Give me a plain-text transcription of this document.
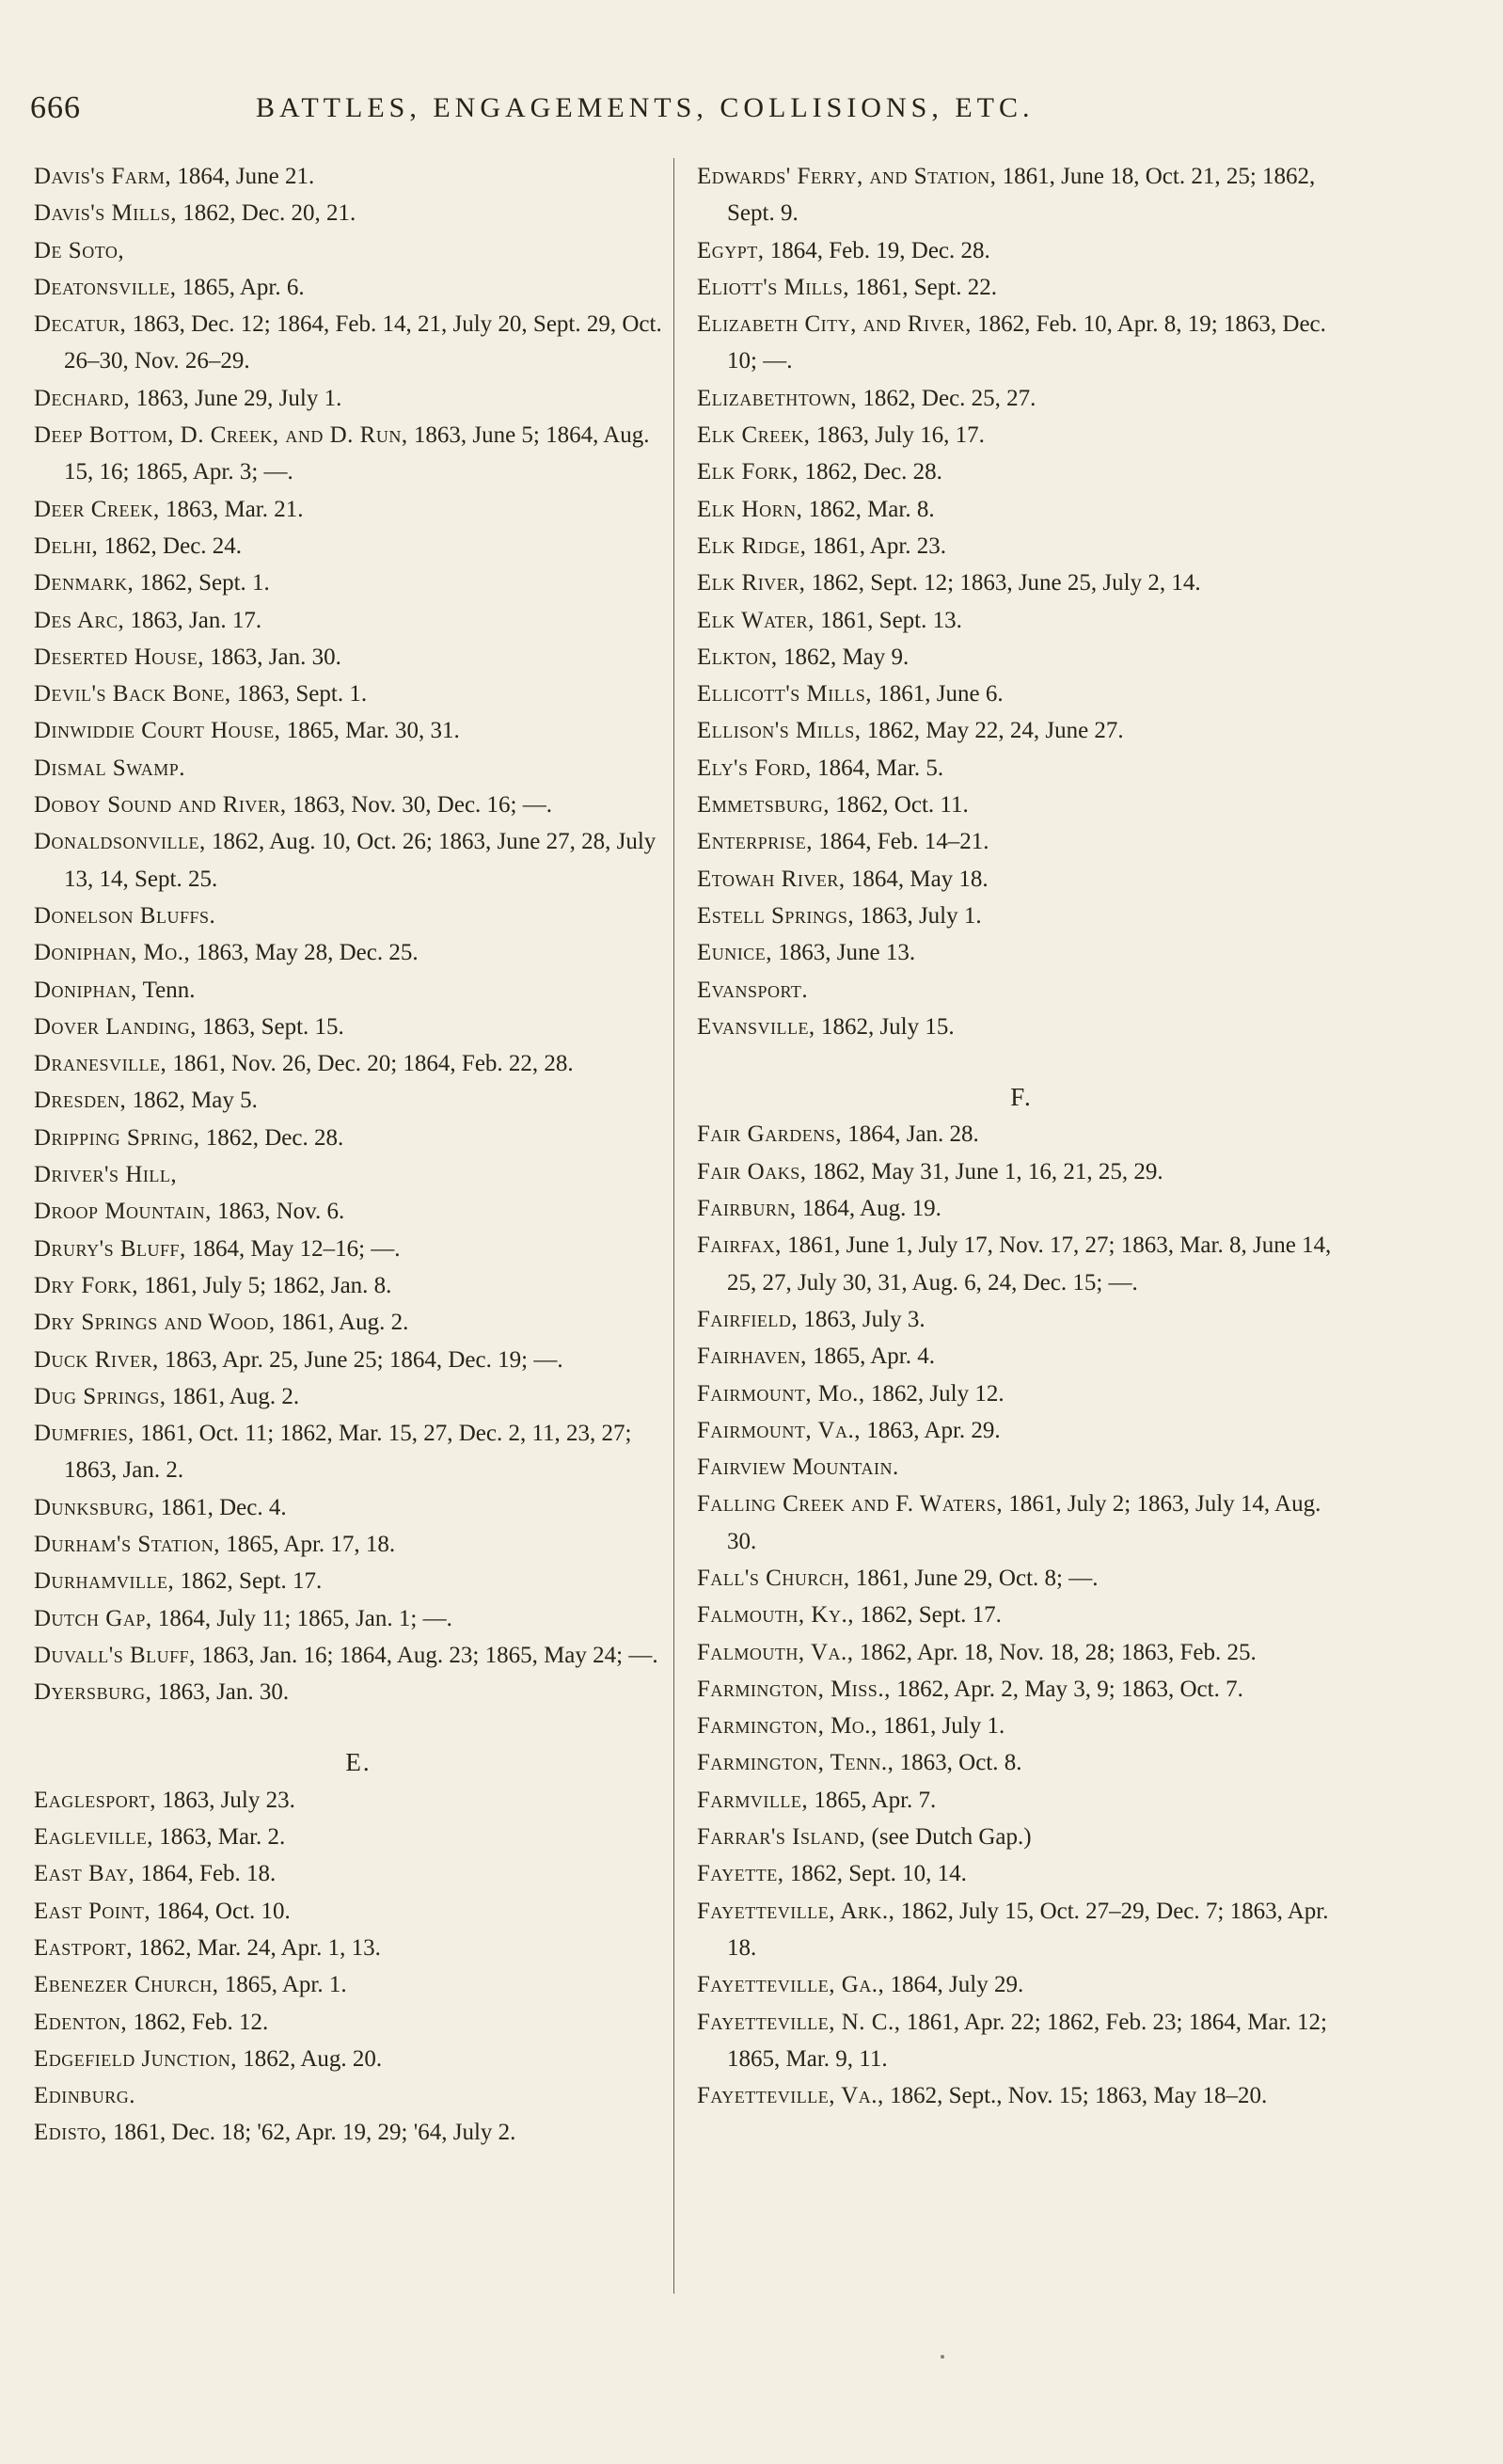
666	BATTLES, ENGAGEMENTS, COLLISIONS, ETC.
Davis's Farm, 1864, June 21.
Davis's Mills, 1862, Dec. 20, 21.
De Soto,
Deatonsville, 1865, Apr. 6.
Decatur, 1863, Dec. 12; 1864, Feb. 14, 21, July 20, Sept. 29, Oct. 26–30, Nov. 26–29.
Dechard, 1863, June 29, July 1.
Deep Bottom, D. Creek, and D. Run, 1863, June 5; 1864, Aug. 15, 16; 1865, Apr. 3; —.
Deer Creek, 1863, Mar. 21.
Delhi, 1862, Dec. 24.
Denmark, 1862, Sept. 1.
Des Arc, 1863, Jan. 17.
Deserted House, 1863, Jan. 30.
Devil's Back Bone, 1863, Sept. 1.
Dinwiddie Court House, 1865, Mar. 30, 31.
Dismal Swamp.
Doboy Sound and River, 1863, Nov. 30, Dec. 16; —.
Donaldsonville, 1862, Aug. 10, Oct. 26; 1863, June 27, 28, July 13, 14, Sept. 25.
Donelson Bluffs.
Doniphan, Mo., 1863, May 28, Dec. 25.
Doniphan, Tenn.
Dover Landing, 1863, Sept. 15.
Dranesville, 1861, Nov. 26, Dec. 20; 1864, Feb. 22, 28.
Dresden, 1862, May 5.
Dripping Spring, 1862, Dec. 28.
Driver's Hill,
Droop Mountain, 1863, Nov. 6.
Drury's Bluff, 1864, May 12–16; —.
Dry Fork, 1861, July 5; 1862, Jan. 8.
Dry Springs and Wood, 1861, Aug. 2.
Duck River, 1863, Apr. 25, June 25; 1864, Dec. 19; —.
Dug Springs, 1861, Aug. 2.
Dumfries, 1861, Oct. 11; 1862, Mar. 15, 27, Dec. 2, 11, 23, 27; 1863, Jan. 2.
Dunksburg, 1861, Dec. 4.
Durham's Station, 1865, Apr. 17, 18.
Durhamville, 1862, Sept. 17.
Dutch Gap, 1864, July 11; 1865, Jan. 1; —.
Duvall's Bluff, 1863, Jan. 16; 1864, Aug. 23; 1865, May 24; —.
Dyersburg, 1863, Jan. 30.
E.
Eaglesport, 1863, July 23.
Eagleville, 1863, Mar. 2.
East Bay, 1864, Feb. 18.
East Point, 1864, Oct. 10.
Eastport, 1862, Mar. 24, Apr. 1, 13.
Ebenezer Church, 1865, Apr. 1.
Edenton, 1862, Feb. 12.
Edgefield Junction, 1862, Aug. 20.
Edinburg.
Edisto, 1861, Dec. 18; '62, Apr. 19, 29; '64, July 2.
Edwards' Ferry, and Station, 1861, June 18, Oct. 21, 25; 1862, Sept. 9.
Egypt, 1864, Feb. 19, Dec. 28.
Eliott's Mills, 1861, Sept. 22.
Elizabeth City, and River, 1862, Feb. 10, Apr. 8, 19; 1863, Dec. 10; —.
Elizabethtown, 1862, Dec. 25, 27.
Elk Creek, 1863, July 16, 17.
Elk Fork, 1862, Dec. 28.
Elk Horn, 1862, Mar. 8.
Elk Ridge, 1861, Apr. 23.
Elk River, 1862, Sept. 12; 1863, June 25, July 2, 14.
Elk Water, 1861, Sept. 13.
Elkton, 1862, May 9.
Ellicott's Mills, 1861, June 6.
Ellison's Mills, 1862, May 22, 24, June 27.
Ely's Ford, 1864, Mar. 5.
Emmetsburg, 1862, Oct. 11.
Enterprise, 1864, Feb. 14–21.
Etowah River, 1864, May 18.
Estell Springs, 1863, July 1.
Eunice, 1863, June 13.
Evansport.
Evansville, 1862, July 15.
F.
Fair Gardens, 1864, Jan. 28.
Fair Oaks, 1862, May 31, June 1, 16, 21, 25, 29.
Fairburn, 1864, Aug. 19.
Fairfax, 1861, June 1, July 17, Nov. 17, 27; 1863, Mar. 8, June 14, 25, 27, July 30, 31, Aug. 6, 24, Dec. 15; —.
Fairfield, 1863, July 3.
Fairhaven, 1865, Apr. 4.
Fairmount, Mo., 1862, July 12.
Fairmount, Va., 1863, Apr. 29.
Fairview Mountain.
Falling Creek and F. Waters, 1861, July 2; 1863, July 14, Aug. 30.
Fall's Church, 1861, June 29, Oct. 8; —.
Falmouth, Ky., 1862, Sept. 17.
Falmouth, Va., 1862, Apr. 18, Nov. 18, 28; 1863, Feb. 25.
Farmington, Miss., 1862, Apr. 2, May 3, 9; 1863, Oct. 7.
Farmington, Mo., 1861, July 1.
Farmington, Tenn., 1863, Oct. 8.
Farmville, 1865, Apr. 7.
Farrar's Island, (see Dutch Gap.)
Fayette, 1862, Sept. 10, 14.
Fayetteville, Ark., 1862, July 15, Oct. 27–29, Dec. 7; 1863, Apr. 18.
Fayetteville, Ga., 1864, July 29.
Fayetteville, N. C., 1861, Apr. 22; 1862, Feb. 23; 1864, Mar. 12; 1865, Mar. 9, 11.
Fayetteville, Va., 1862, Sept., Nov. 15; 1863, May 18–20.
